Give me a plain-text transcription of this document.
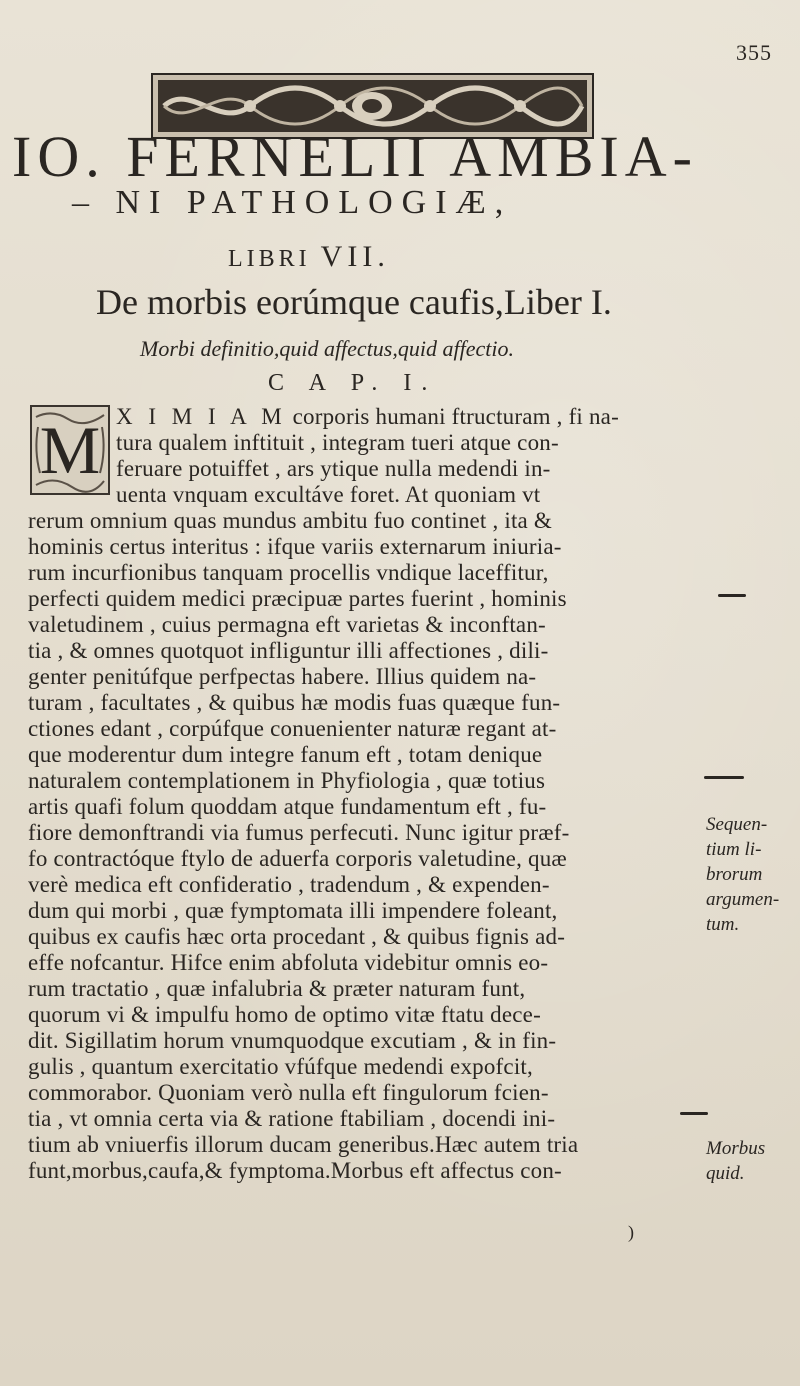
355
IO. FERNELII AMBIA-
– NI PATHOLOGIÆ,
LIBRI VII.
De morbis eorúmque caufis,Liber I.
Morbi definitio,quid affectus,quid affectio.
C A P. I.
M X I M I A M corporis humani ftructuram , fi na-
tura qualem inftituit , integram tueri atque con-
feruare potuiffet , ars ytique nulla medendi in-
uenta vnquam excultáve foret. At quoniam vt
rerum omnium quas mundus ambitu fuo continet , ita &
hominis certus interitus : ifque variis externarum iniuria-
rum incurfionibus tanquam procellis vndique laceffitur,
perfecti quidem medici præcipuæ partes fuerint , hominis
valetudinem , cuius permagna eft varietas & inconftan-
tia , & omnes quotquot infliguntur illi affectiones , dili-
genter penitúfque perfpectas habere. Illius quidem na-
turam , facultates , & quibus hæ modis fuas quæque fun-
ctiones edant , corpúfque conuenienter naturæ regant at-
que moderentur dum integre fanum eft , totam denique
naturalem contemplationem in Phyfiologia , quæ totius
artis quafi folum quoddam atque fundamentum eft , fu-
fiore demonftrandi via fumus perfecuti. Nunc igitur præf-
fo contractóque ftylo de aduerfa corporis valetudine, quæ
verè medica eft confideratio , tradendum , & expenden-
dum qui morbi , quæ fymptomata illi impendere foleant,
quibus ex caufis hæc orta procedant , & quibus fignis ad-
effe nofcantur. Hifce enim abfoluta videbitur omnis eo-
rum tractatio , quæ infalubria & præter naturam funt,
quorum vi & impulfu homo de optimo vitæ ftatu dece-
dit. Sigillatim horum vnumquodque excutiam , & in fin-
gulis , quantum exercitatio vfúfque medendi expofcit,
commorabor. Quoniam verò nulla eft fingulorum fcien-
tia , vt omnia certa via & ratione ftabiliam , docendi ini-
tium ab vniuerfis illorum ducam generibus.Hæc autem tria
funt,morbus,caufa,& fymptoma.Morbus eft affectus con-
Sequen-
tium li-
brorum
argumen-
tum.
Morbus
quid.
)
